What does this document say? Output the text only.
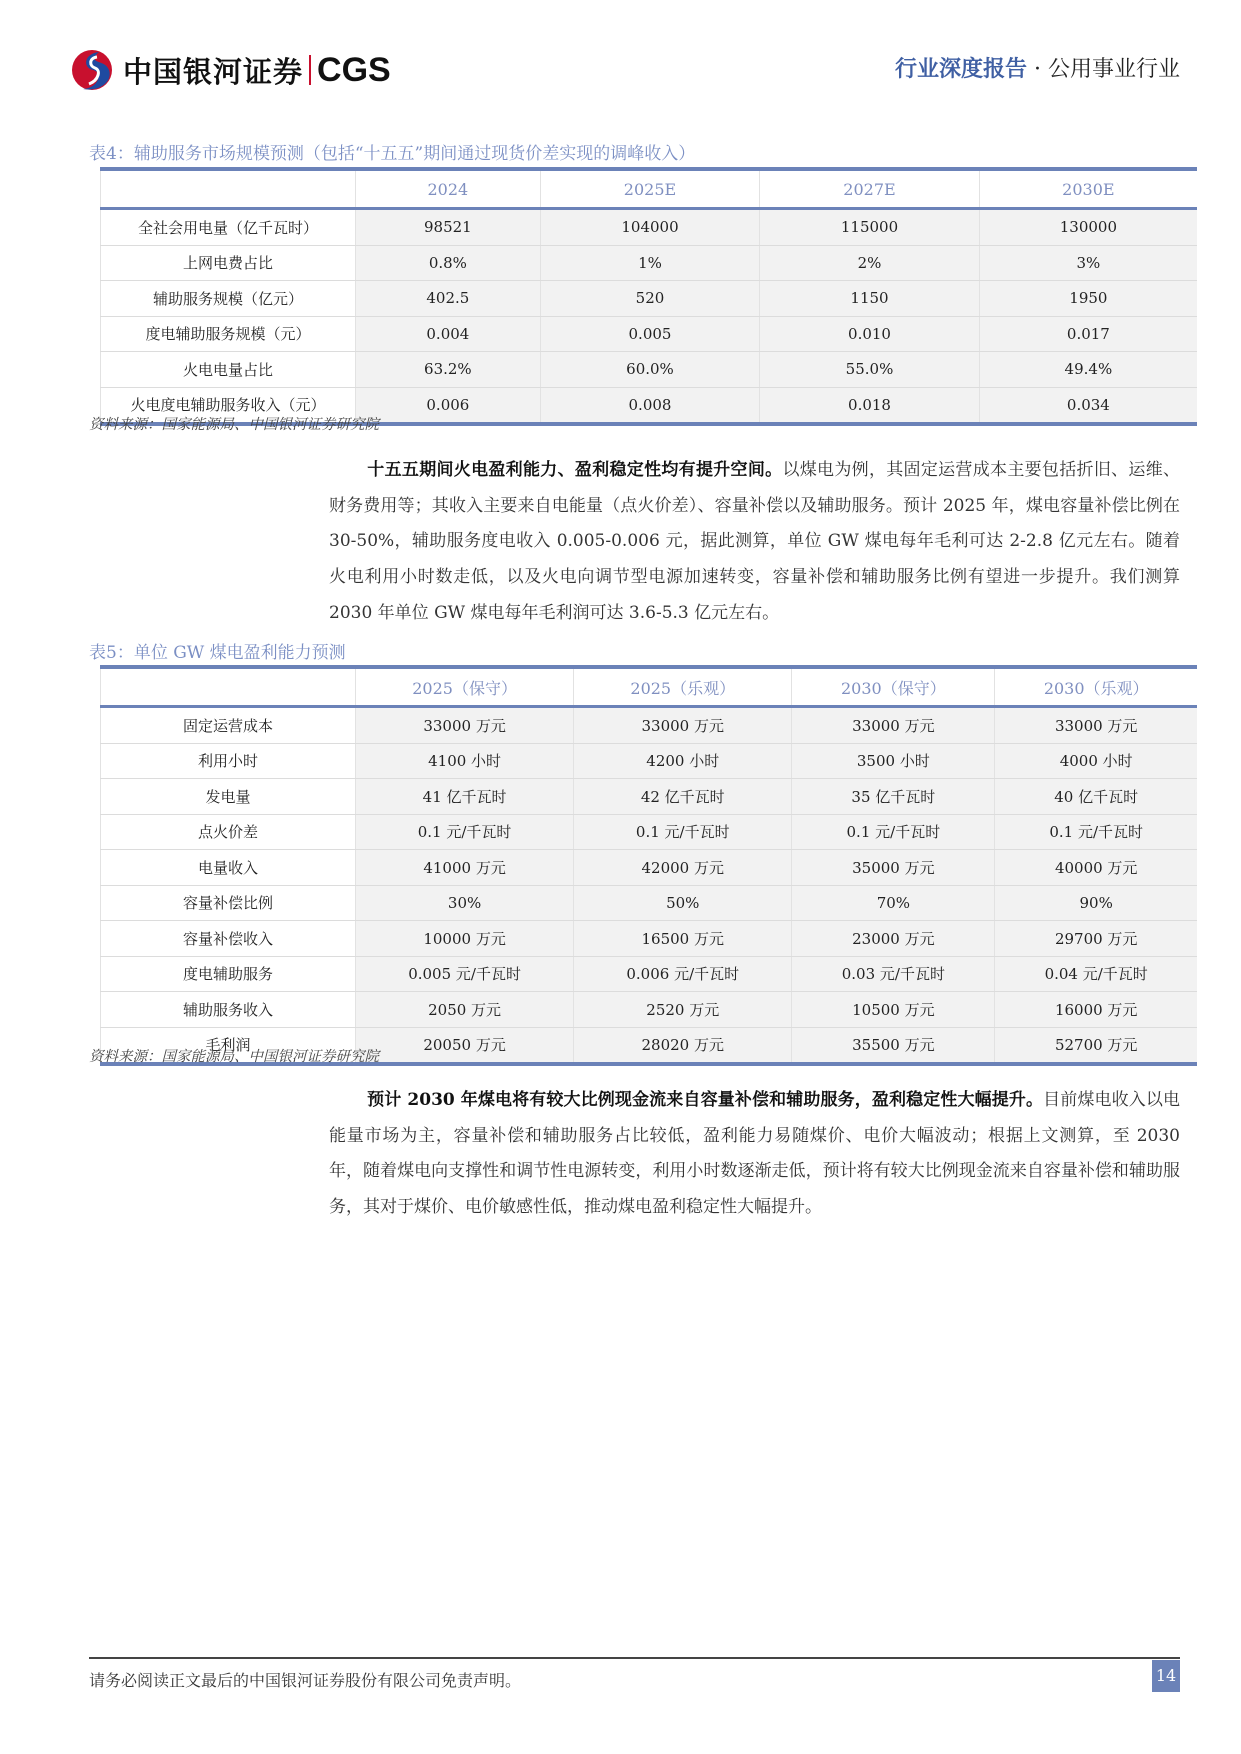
中国银河证券 CGS	行业深度报告 · 公用事业行业
表4：辅助服务市场规模预测（包括“十五五”期间通过现货价差实现的调峰收入）
	2024	2025E	2027E	2030E
全社会用电量（亿千瓦时）	98521	104000	115000	130000
上网电费占比	0.8%	1%	2%	3%
辅助服务规模（亿元）	402.5	520	1150	1950
度电辅助服务规模（元）	0.004	0.005	0.010	0.017
火电电量占比	63.2%	60.0%	55.0%	49.4%
火电度电辅助服务收入（元）	0.006	0.008	0.018	0.034
资料来源：国家能源局、中国银河证券研究院
十五五期间火电盈利能力、盈利稳定性均有提升空间。以煤电为例，其固定运营成本主要包括折旧、运维、财务费用等；其收入主要来自电能量（点火价差）、容量补偿以及辅助服务。预计 2025 年，煤电容量补偿比例在 30-50%，辅助服务度电收入 0.005-0.006 元，据此测算，单位 GW 煤电每年毛利可达 2-2.8 亿元左右。随着火电利用小时数走低，以及火电向调节型电源加速转变，容量补偿和辅助服务比例有望进一步提升。我们测算 2030 年单位 GW 煤电每年毛利润可达 3.6-5.3 亿元左右。
表5：单位 GW 煤电盈利能力预测
	2025（保守）	2025（乐观）	2030（保守）	2030（乐观）
固定运营成本	33000 万元	33000 万元	33000 万元	33000 万元
利用小时	4100 小时	4200 小时	3500 小时	4000 小时
发电量	41 亿千瓦时	42 亿千瓦时	35 亿千瓦时	40 亿千瓦时
点火价差	0.1 元/千瓦时	0.1 元/千瓦时	0.1 元/千瓦时	0.1 元/千瓦时
电量收入	41000 万元	42000 万元	35000 万元	40000 万元
容量补偿比例	30%	50%	70%	90%
容量补偿收入	10000 万元	16500 万元	23000 万元	29700 万元
度电辅助服务	0.005 元/千瓦时	0.006 元/千瓦时	0.03 元/千瓦时	0.04 元/千瓦时
辅助服务收入	2050 万元	2520 万元	10500 万元	16000 万元
毛利润	20050 万元	28020 万元	35500 万元	52700 万元
资料来源：国家能源局、中国银河证券研究院
预计 2030 年煤电将有较大比例现金流来自容量补偿和辅助服务，盈利稳定性大幅提升。目前煤电收入以电能量市场为主，容量补偿和辅助服务占比较低，盈利能力易随煤价、电价大幅波动；根据上文测算，至 2030 年，随着煤电向支撑性和调节性电源转变，利用小时数逐渐走低，预计将有较大比例现金流来自容量补偿和辅助服务，其对于煤价、电价敏感性低，推动煤电盈利稳定性大幅提升。
请务必阅读正文最后的中国银河证券股份有限公司免责声明。	14
